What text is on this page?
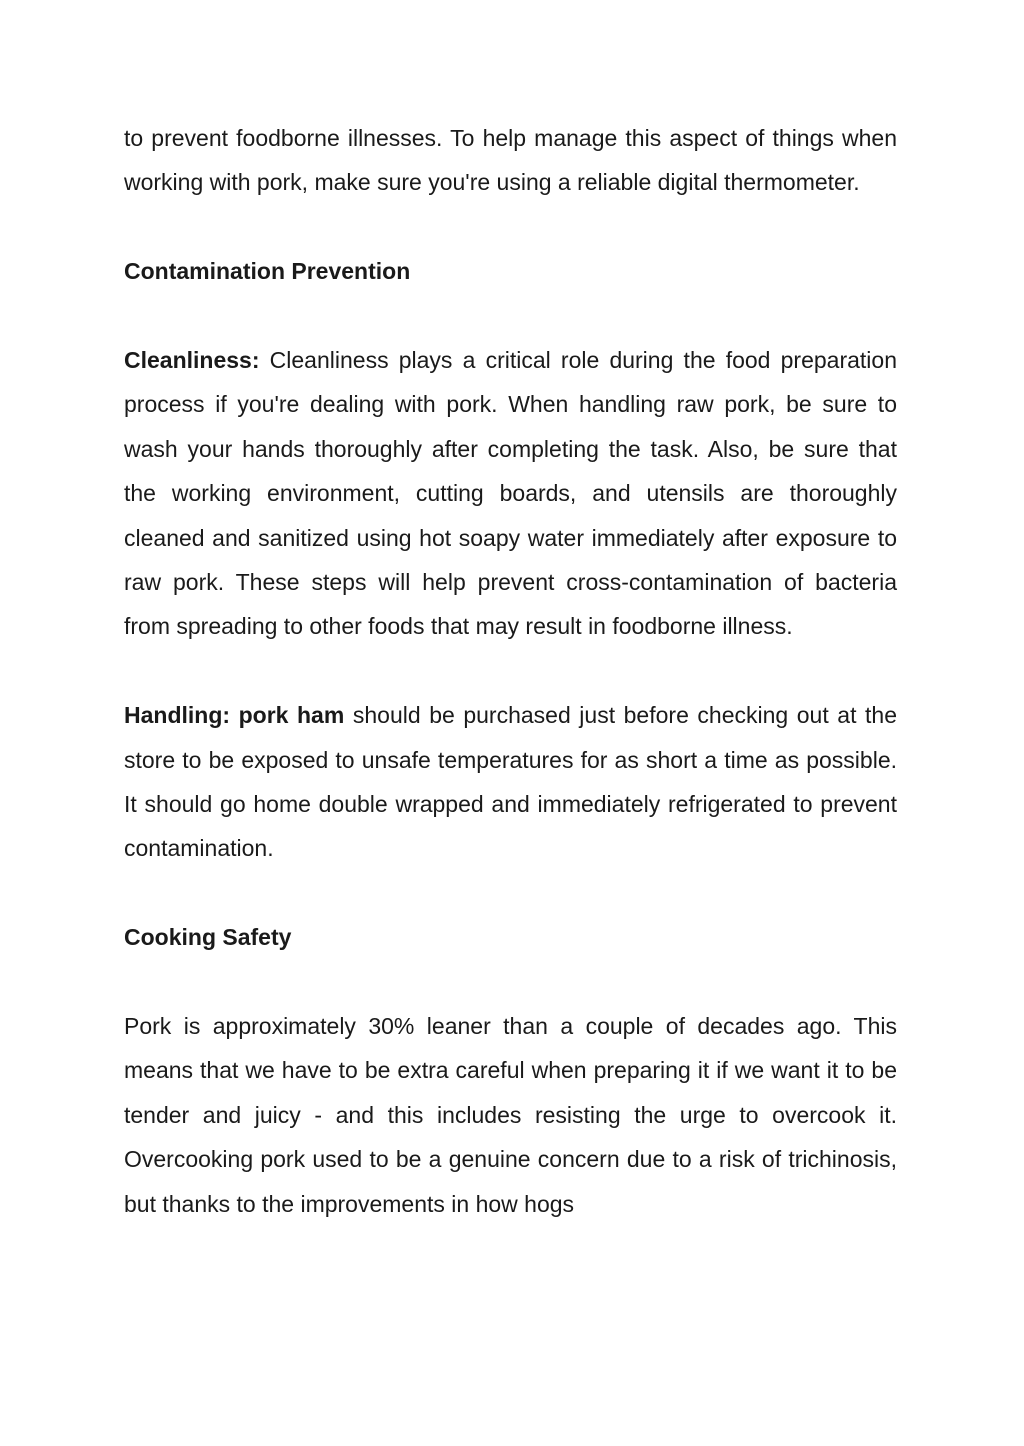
to prevent foodborne illnesses. To help manage this aspect of things when working with pork, make sure you're using a reliable digital thermometer.

Contamination Prevention

Cleanliness: Cleanliness plays a critical role during the food preparation process if you're dealing with pork. When handling raw pork, be sure to wash your hands thoroughly after completing the task. Also, be sure that the working environment, cutting boards, and utensils are thoroughly cleaned and sanitized using hot soapy water immediately after exposure to raw pork. These steps will help prevent cross-contamination of bacteria from spreading to other foods that may result in foodborne illness.

Handling: pork ham should be purchased just before checking out at the store to be exposed to unsafe temperatures for as short a time as possible. It should go home double wrapped and immediately refrigerated to prevent contamination.

Cooking Safety

Pork is approximately 30% leaner than a couple of decades ago. This means that we have to be extra careful when preparing it if we want it to be tender and juicy - and this includes resisting the urge to overcook it. Overcooking pork used to be a genuine concern due to a risk of trichinosis, but thanks to the improvements in how hogs
